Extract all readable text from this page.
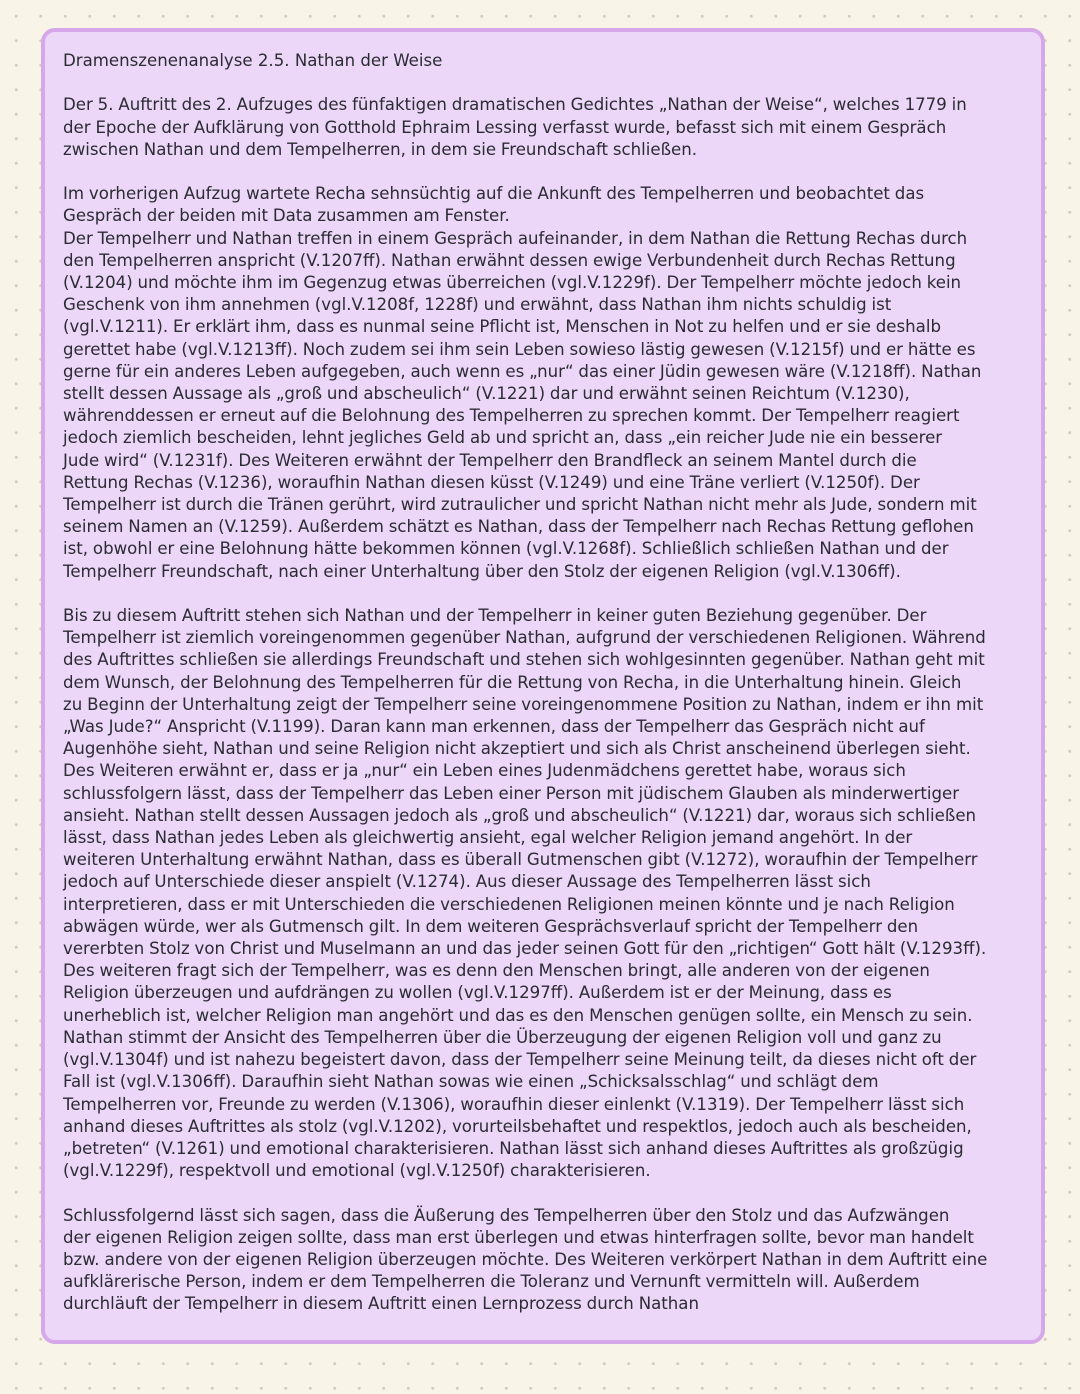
Dramenszenenanalyse 2.5. Nathan der Weise

Der 5. Auftritt des 2. Aufzuges des fünfaktigen dramatischen Gedichtes „Nathan der Weise“, welches 1779 in
der Epoche der Aufklärung von Gotthold Ephraim Lessing verfasst wurde, befasst sich mit einem Gespräch
zwischen Nathan und dem Tempelherren, in dem sie Freundschaft schließen.

Im vorherigen Aufzug wartete Recha sehnsüchtig auf die Ankunft des Tempelherren und beobachtet das
Gespräch der beiden mit Data zusammen am Fenster.
Der Tempelherr und Nathan treffen in einem Gespräch aufeinander, in dem Nathan die Rettung Rechas durch
den Tempelherren anspricht (V.1207ff). Nathan erwähnt dessen ewige Verbundenheit durch Rechas Rettung
(V.1204) und möchte ihm im Gegenzug etwas überreichen (vgl.V.1229f). Der Tempelherr möchte jedoch kein
Geschenk von ihm annehmen (vgl.V.1208f, 1228f) und erwähnt, dass Nathan ihm nichts schuldig ist
(vgl.V.1211). Er erklärt ihm, dass es nunmal seine Pflicht ist, Menschen in Not zu helfen und er sie deshalb
gerettet habe (vgl.V.1213ff). Noch zudem sei ihm sein Leben sowieso lästig gewesen (V.1215f) und er hätte es
gerne für ein anderes Leben aufgegeben, auch wenn es „nur“ das einer Jüdin gewesen wäre (V.1218ff). Nathan
stellt dessen Aussage als „groß und abscheulich“ (V.1221) dar und erwähnt seinen Reichtum (V.1230),
währenddessen er erneut auf die Belohnung des Tempelherren zu sprechen kommt. Der Tempelherr reagiert
jedoch ziemlich bescheiden, lehnt jegliches Geld ab und spricht an, dass „ein reicher Jude nie ein besserer
Jude wird“ (V.1231f). Des Weiteren erwähnt der Tempelherr den Brandfleck an seinem Mantel durch die
Rettung Rechas (V.1236), woraufhin Nathan diesen küsst (V.1249) und eine Träne verliert (V.1250f). Der
Tempelherr ist durch die Tränen gerührt, wird zutraulicher und spricht Nathan nicht mehr als Jude, sondern mit
seinem Namen an (V.1259). Außerdem schätzt es Nathan, dass der Tempelherr nach Rechas Rettung geflohen
ist, obwohl er eine Belohnung hätte bekommen können (vgl.V.1268f). Schließlich schließen Nathan und der
Tempelherr Freundschaft, nach einer Unterhaltung über den Stolz der eigenen Religion (vgl.V.1306ff).

Bis zu diesem Auftritt stehen sich Nathan und der Tempelherr in keiner guten Beziehung gegenüber. Der
Tempelherr ist ziemlich voreingenommen gegenüber Nathan, aufgrund der verschiedenen Religionen. Während
des Auftrittes schließen sie allerdings Freundschaft und stehen sich wohlgesinnten gegenüber. Nathan geht mit
dem Wunsch, der Belohnung des Tempelherren für die Rettung von Recha, in die Unterhaltung hinein. Gleich
zu Beginn der Unterhaltung zeigt der Tempelherr seine voreingenommene Position zu Nathan, indem er ihn mit
„Was Jude?“ Anspricht (V.1199). Daran kann man erkennen, dass der Tempelherr das Gespräch nicht auf
Augenhöhe sieht, Nathan und seine Religion nicht akzeptiert und sich als Christ anscheinend überlegen sieht.
Des Weiteren erwähnt er, dass er ja „nur“ ein Leben eines Judenmädchens gerettet habe, woraus sich
schlussfolgern lässt, dass der Tempelherr das Leben einer Person mit jüdischem Glauben als minderwertiger
ansieht. Nathan stellt dessen Aussagen jedoch als „groß und abscheulich“ (V.1221) dar, woraus sich schließen
lässt, dass Nathan jedes Leben als gleichwertig ansieht, egal welcher Religion jemand angehört. In der
weiteren Unterhaltung erwähnt Nathan, dass es überall Gutmenschen gibt (V.1272), woraufhin der Tempelherr
jedoch auf Unterschiede dieser anspielt (V.1274). Aus dieser Aussage des Tempelherren lässt sich
interpretieren, dass er mit Unterschieden die verschiedenen Religionen meinen könnte und je nach Religion
abwägen würde, wer als Gutmensch gilt. In dem weiteren Gesprächsverlauf spricht der Tempelherr den
vererbten Stolz von Christ und Muselmann an und das jeder seinen Gott für den „richtigen“ Gott hält (V.1293ff).
Des weiteren fragt sich der Tempelherr, was es denn den Menschen bringt, alle anderen von der eigenen
Religion überzeugen und aufdrängen zu wollen (vgl.V.1297ff). Außerdem ist er der Meinung, dass es
unerheblich ist, welcher Religion man angehört und das es den Menschen genügen sollte, ein Mensch zu sein.
Nathan stimmt der Ansicht des Tempelherren über die Überzeugung der eigenen Religion voll und ganz zu
(vgl.V.1304f) und ist nahezu begeistert davon, dass der Tempelherr seine Meinung teilt, da dieses nicht oft der
Fall ist (vgl.V.1306ff). Daraufhin sieht Nathan sowas wie einen „Schicksalsschlag“ und schlägt dem
Tempelherren vor, Freunde zu werden (V.1306), woraufhin dieser einlenkt (V.1319). Der Tempelherr lässt sich
anhand dieses Auftrittes als stolz (vgl.V.1202), vorurteilsbehaftet und respektlos, jedoch auch als bescheiden,
„betreten“ (V.1261) und emotional charakterisieren. Nathan lässt sich anhand dieses Auftrittes als großzügig
(vgl.V.1229f), respektvoll und emotional (vgl.V.1250f) charakterisieren.

Schlussfolgernd lässt sich sagen, dass die Äußerung des Tempelherren über den Stolz und das Aufzwängen
der eigenen Religion zeigen sollte, dass man erst überlegen und etwas hinterfragen sollte, bevor man handelt
bzw. andere von der eigenen Religion überzeugen möchte. Des Weiteren verkörpert Nathan in dem Auftritt eine
aufklärerische Person, indem er dem Tempelherren die Toleranz und Vernunft vermitteln will. Außerdem
durchläuft der Tempelherr in diesem Auftritt einen Lernprozess durch Nathan
